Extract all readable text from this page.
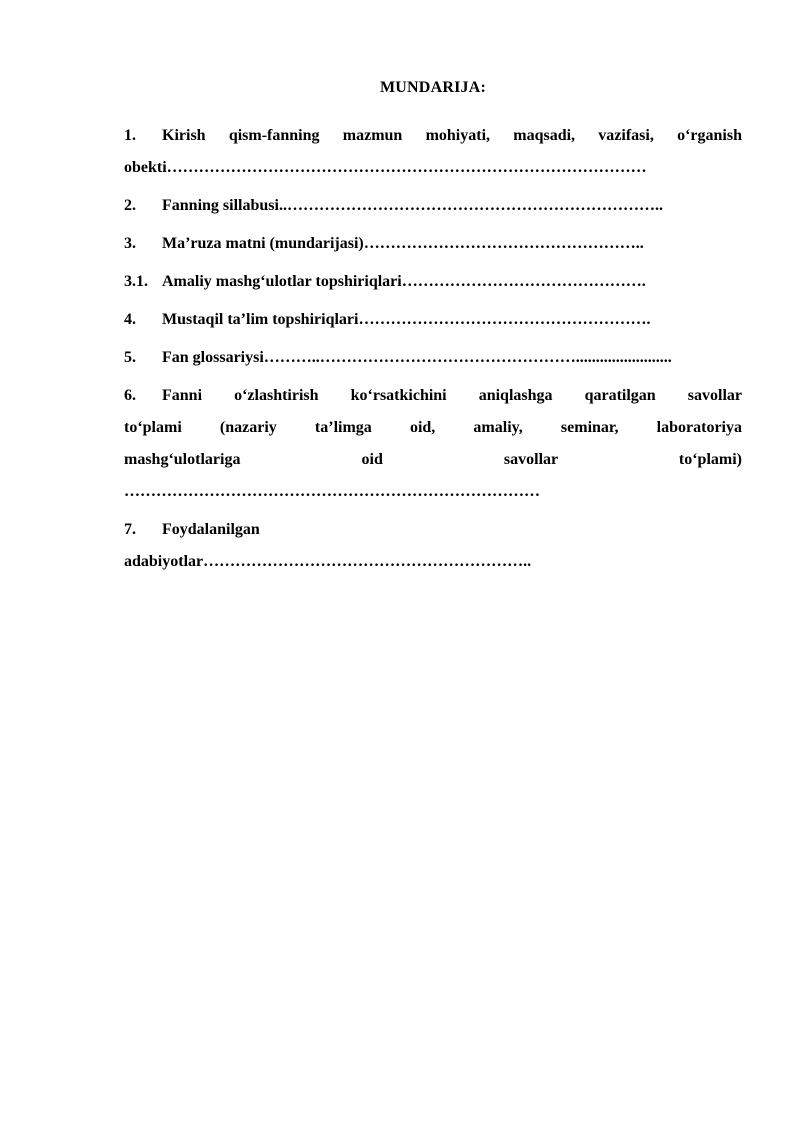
MUNDARIJA:
1. Kirish qism-fanning mazmun mohiyati, maqsadi, vazifasi, o‘rganish
obekti………………………………………………………………………………
2. Fanning sillabusi..……………………………………………………………..
3. Ma’ruza matni (mundarijasi)……………………………………………..
3.1. Amaliy mashg‘ulotlar topshiriqlari……………………………………….
4. Mustaqil ta’lim topshiriqlari……………………………………………….
5. Fan glossariysi………..…………………………………………........................
6. Fanni o‘zlashtirish ko‘rsatkichini aniqlashga qaratilgan savollar
to‘plami (nazariy ta’limga oid, amaliy, seminar, laboratoriya
mashg‘ulotlariga oid savollar to‘plami)
……………………………………………………………………
7. Foydalanilgan
adabiyotlar……………………………………………………..
